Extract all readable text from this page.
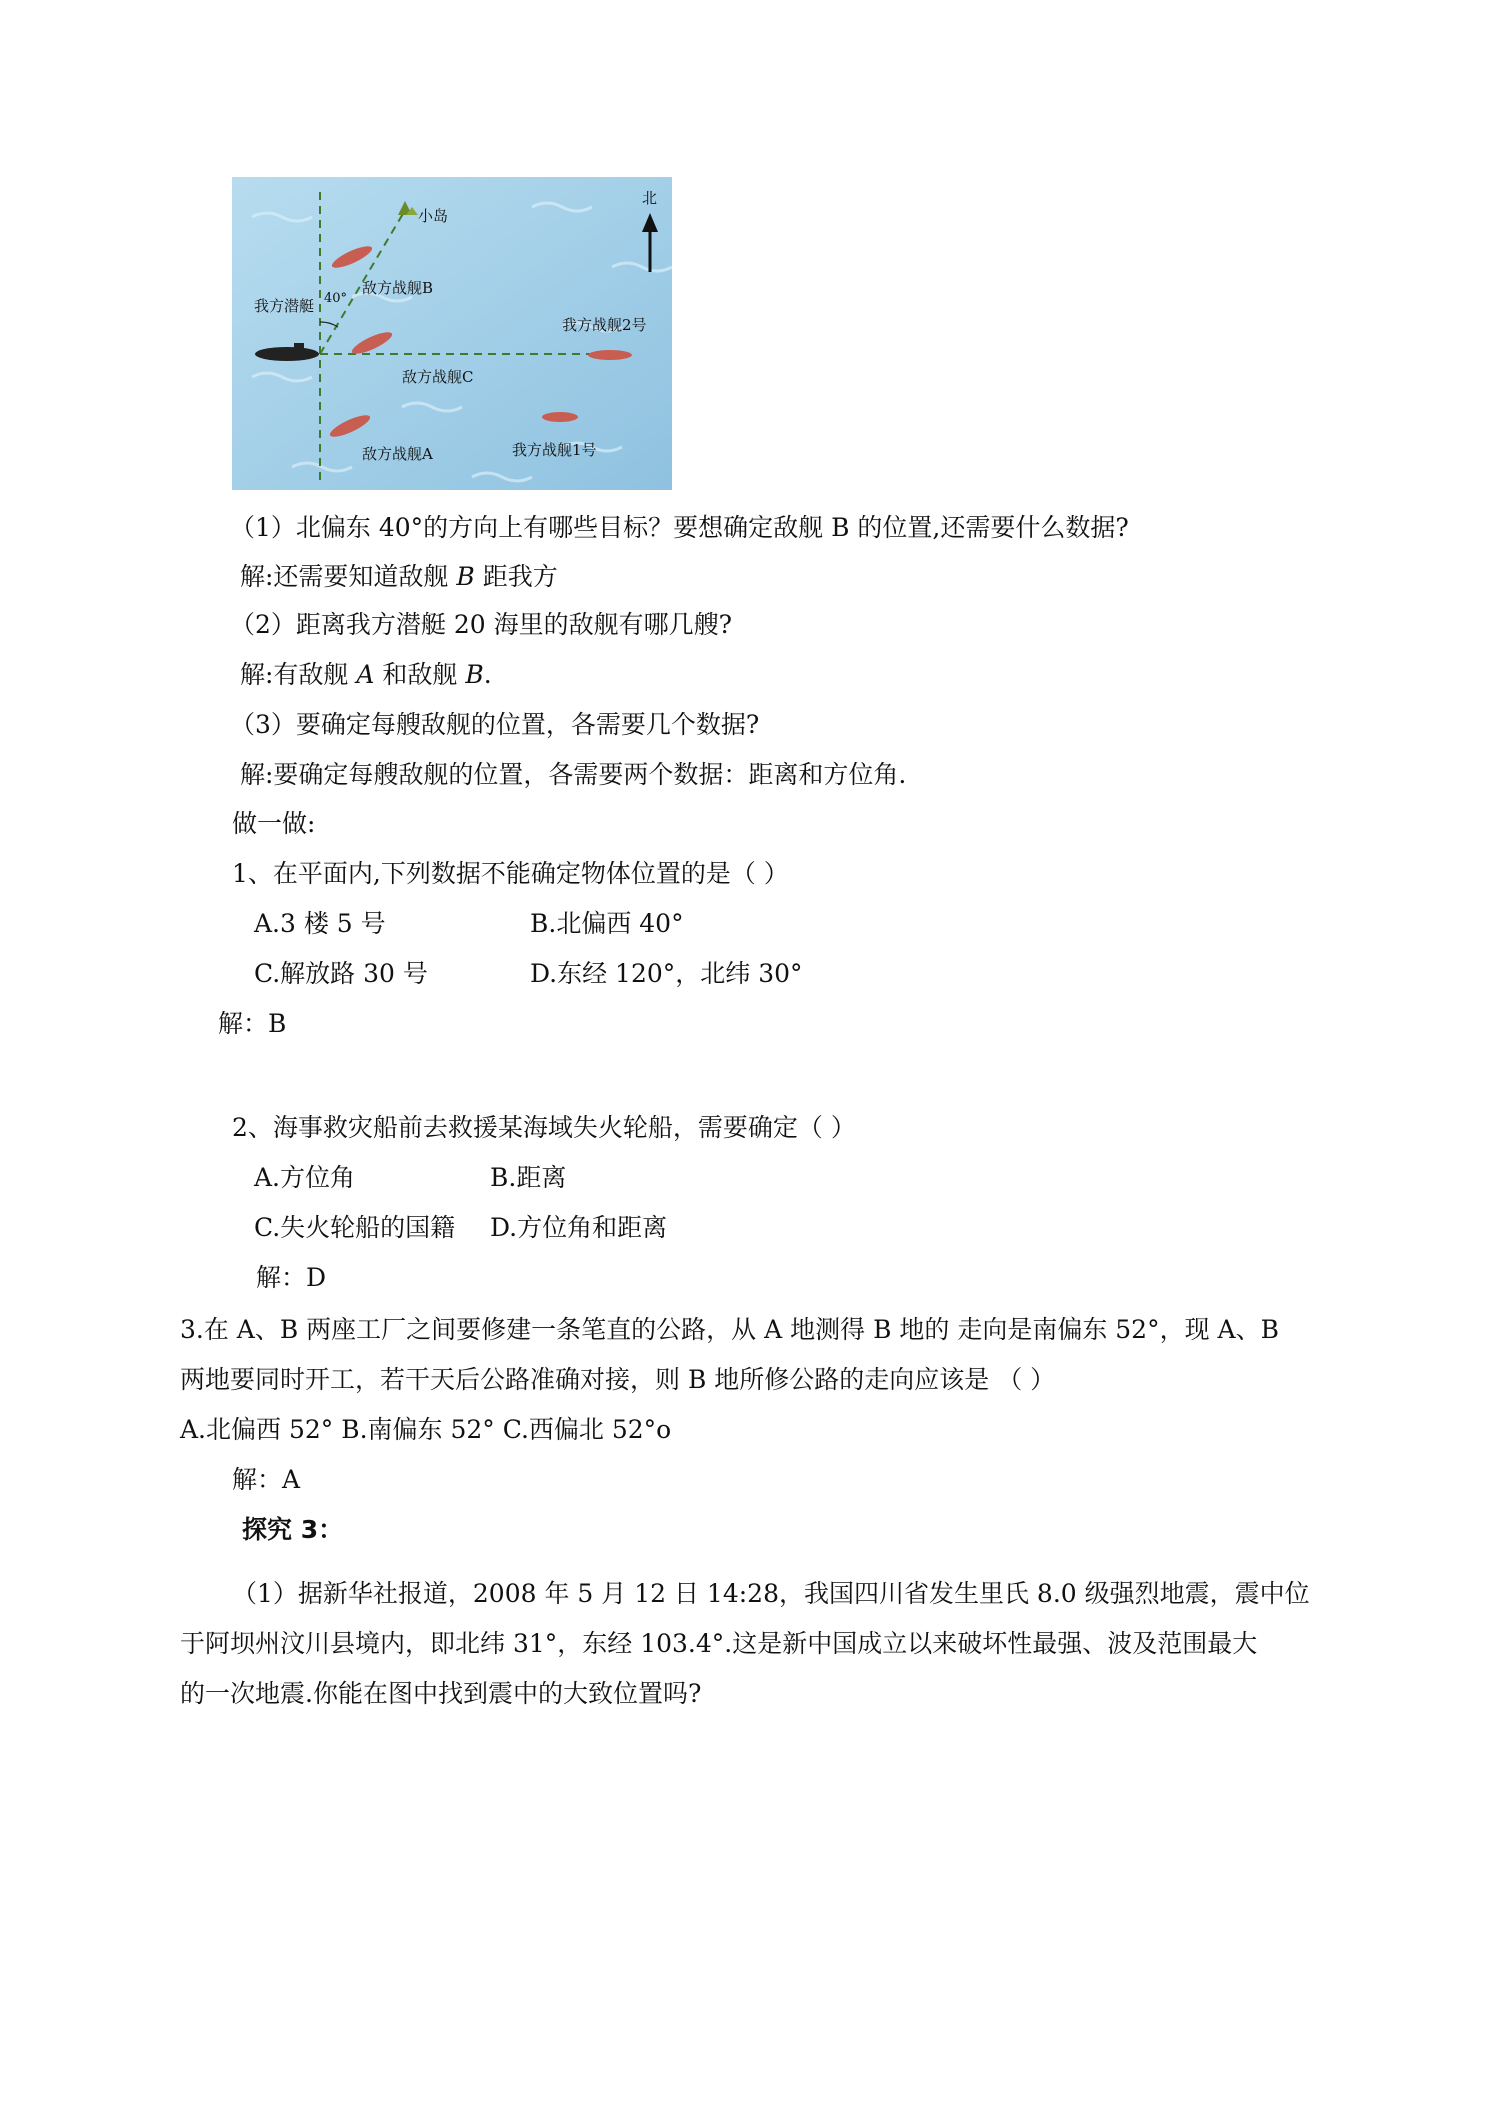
小岛
北
40°
我方潜艇
敌方战舰B
敌方战舰C
敌方战舰A	我方战舰1号
我方战舰2号
（1）北偏东 40°的方向上有哪些目标？要想确定敌舰 B 的位置,还需要什么数据?
解:还需要知道敌舰 B 距我方
（2）距离我方潜艇 20 海里的敌舰有哪几艘?
解:有敌舰 A 和敌舰 B.
（3）要确定每艘敌舰的位置，各需要几个数据?
解:要确定每艘敌舰的位置，各需要两个数据：距离和方位角.
做一做:
1、在平面内,下列数据不能确定物体位置的是（ ）
A.3 楼 5 号	B.北偏西 40°
C.解放路 30 号	D.东经 120°，北纬 30°
解：B
2、海事救灾船前去救援某海域失火轮船，需要确定（ ）
A.方位角	B.距离
C.失火轮船的国籍 D.方位角和距离
解：D
3.在 A、B 两座工厂之间要修建一条笔直的公路，从 A 地测得 B 地的 走向是南偏东 52°，现 A、B
两地要同时开工，若干天后公路准确对接，则 B 地所修公路的走向应该是 （ ）
A.北偏西 52° B.南偏东 52° C.西偏北 52°o
解：A
探究 3：
（1）据新华社报道，2008 年 5 月 12 日 14:28，我国四川省发生里氏 8.0 级强烈地震，震中位
于阿坝州汶川县境内，即北纬 31°，东经 103.4°.这是新中国成立以来破坏性最强、波及范围最大
的一次地震.你能在图中找到震中的大致位置吗?
